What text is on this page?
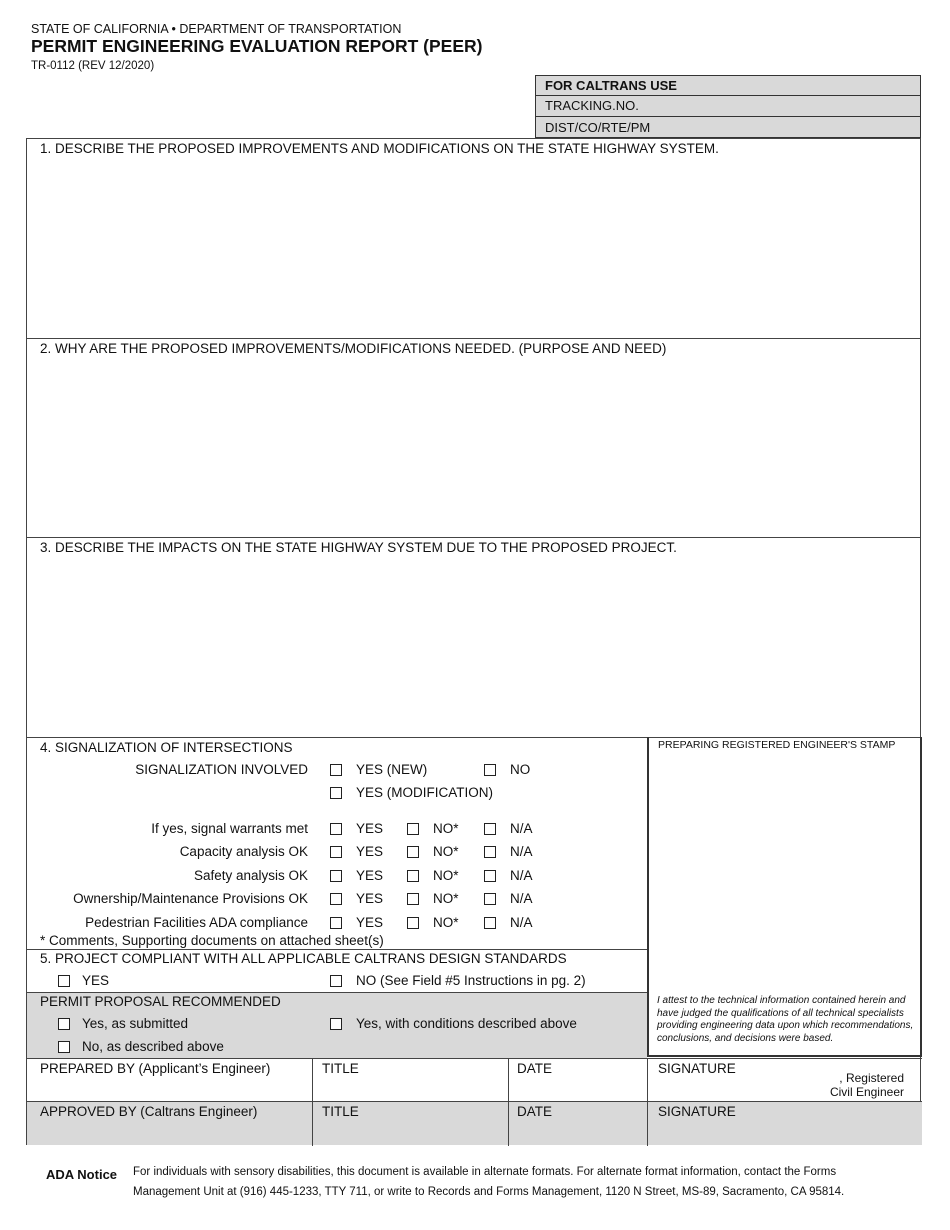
STATE OF CALIFORNIA • DEPARTMENT OF TRANSPORTATION
PERMIT ENGINEERING EVALUATION REPORT (PEER)
TR-0112 (REV 12/2020)
FOR CALTRANS USE
TRACKING.NO.
DIST/CO/RTE/PM
1. DESCRIBE THE PROPOSED IMPROVEMENTS AND MODIFICATIONS ON THE STATE HIGHWAY SYSTEM.
2. WHY ARE THE PROPOSED IMPROVEMENTS/MODIFICATIONS NEEDED. (PURPOSE AND NEED)
3. DESCRIBE THE IMPACTS ON THE STATE HIGHWAY SYSTEM DUE TO THE PROPOSED PROJECT.
4. SIGNALIZATION OF INTERSECTIONS
SIGNALIZATION INVOLVED	YES (NEW)	NO
YES (MODIFICATION)
If yes, signal warrants met	YES	NO*	N/A
Capacity analysis OK	YES	NO*	N/A
Safety analysis OK	YES	NO*	N/A
Ownership/Maintenance Provisions OK	YES	NO*	N/A
Pedestrian Facilities ADA compliance	YES	NO*	N/A
* Comments, Supporting documents on attached sheet(s)
5. PROJECT COMPLIANT WITH ALL APPLICABLE CALTRANS DESIGN STANDARDS
YES	NO (See Field #5 Instructions in pg. 2)
PERMIT PROPOSAL RECOMMENDED
Yes, as submitted	Yes, with conditions described above
No, as described above
PREPARING REGISTERED ENGINEER'S STAMP
I attest to the technical information contained herein and have judged the qualifications of all technical specialists providing engineering data upon which recommendations, conclusions, and decisions were based.
PREPARED BY (Applicant’s Engineer)	TITLE	DATE	SIGNATURE
, Registered
Civil Engineer
APPROVED BY (Caltrans Engineer)	TITLE	DATE	SIGNATURE
ADA Notice For individuals with sensory disabilities, this document is available in alternate formats. For alternate format information, contact the Forms
Management Unit at (916) 445-1233, TTY 711, or write to Records and Forms Management, 1120 N Street, MS-89, Sacramento, CA 95814.
